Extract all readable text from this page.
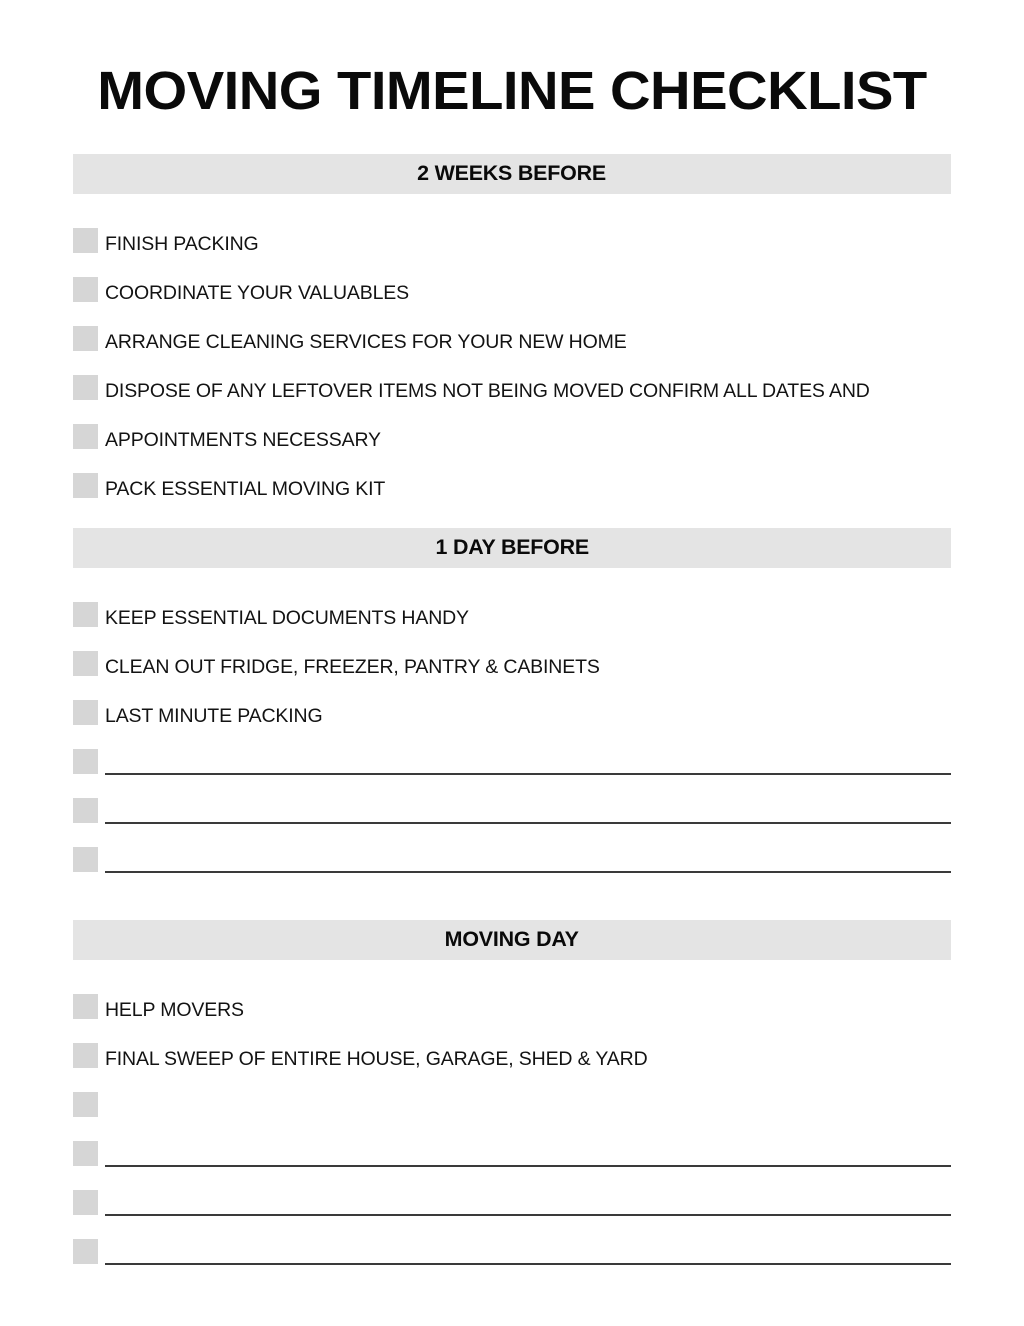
MOVING TIMELINE CHECKLIST
2 WEEKS BEFORE
FINISH PACKING
COORDINATE YOUR VALUABLES
ARRANGE CLEANING SERVICES FOR YOUR NEW HOME
DISPOSE OF ANY LEFTOVER ITEMS NOT BEING MOVED CONFIRM ALL DATES AND
APPOINTMENTS NECESSARY
PACK ESSENTIAL MOVING KIT
1 DAY BEFORE
KEEP ESSENTIAL DOCUMENTS HANDY
CLEAN OUT FRIDGE, FREEZER, PANTRY & CABINETS
LAST MINUTE PACKING
MOVING DAY
HELP MOVERS
FINAL SWEEP OF ENTIRE HOUSE, GARAGE, SHED & YARD
